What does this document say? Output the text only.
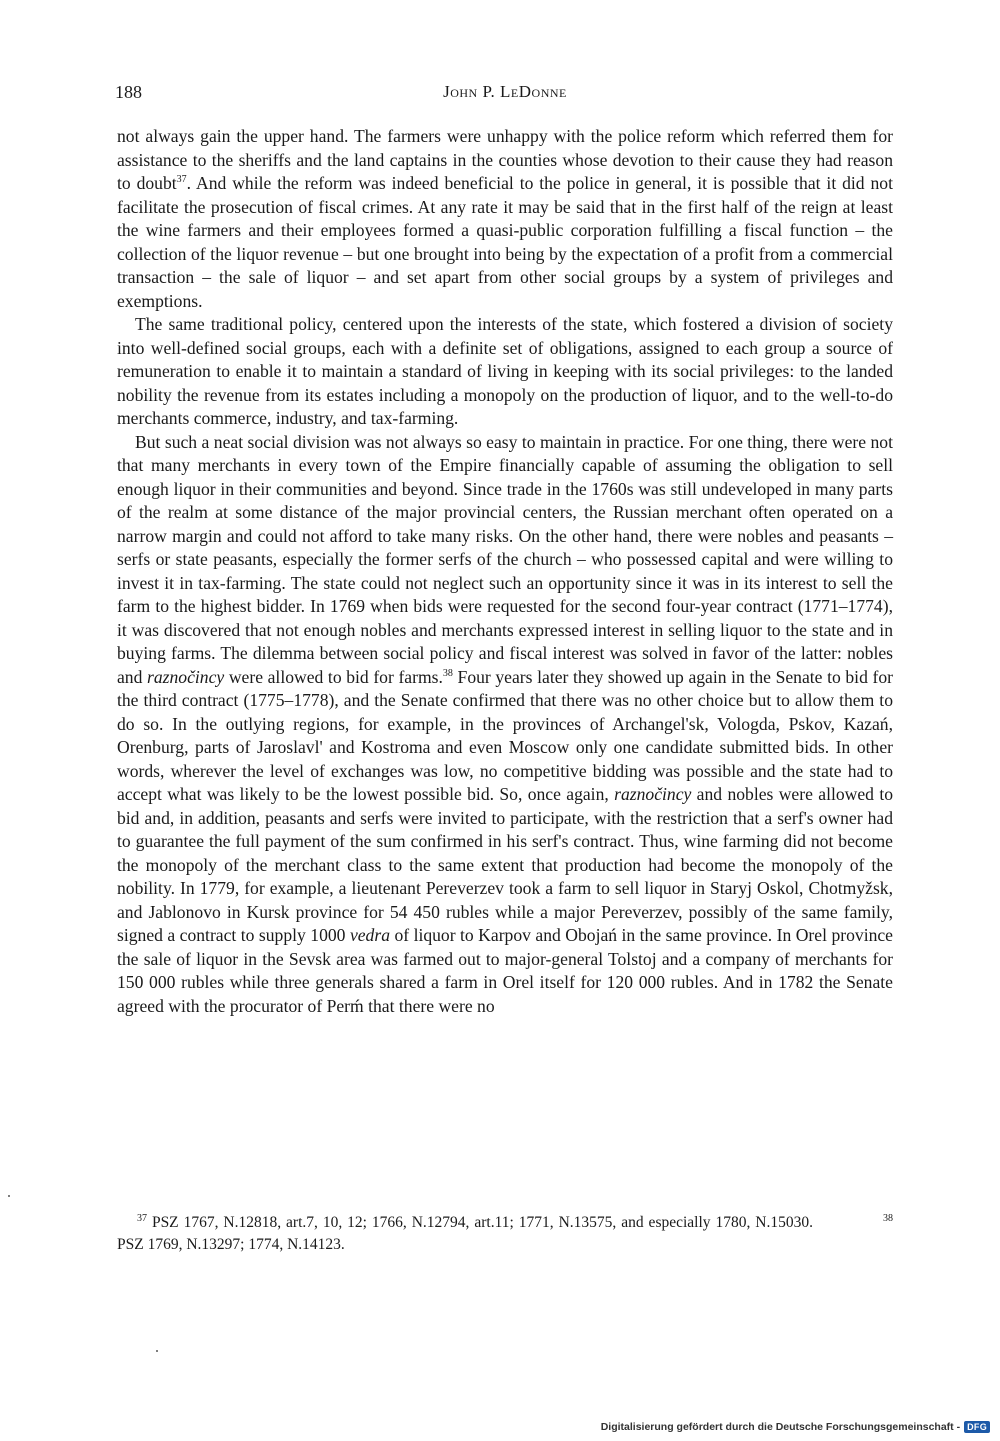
188	John P. LeDonne

not always gain the upper hand. The farmers were unhappy with the police reform which referred them for assistance to the sheriffs and the land captains in the counties whose devotion to their cause they had reason to doubt$^{37}$. And while the reform was indeed beneficial to the police in general, it is possible that it did not facilitate the prosecution of fiscal crimes. At any rate it may be said that in the first half of the reign at least the wine farmers and their employees formed a quasi-public corporation fulfilling a fiscal function – the collection of the liquor revenue – but one brought into being by the expectation of a profit from a commercial transaction – the sale of liquor – and set apart from other social groups by a system of privileges and exemptions.

The same traditional policy, centered upon the interests of the state, which fostered a division of society into well-defined social groups, each with a definite set of obligations, assigned to each group a source of remuneration to enable it to maintain a standard of living in keeping with its social privileges: to the landed nobility the revenue from its estates including a monopoly on the production of liquor, and to the well-to-do merchants commerce, industry, and tax-farming.

But such a neat social division was not always so easy to maintain in practice. For one thing, there were not that many merchants in every town of the Empire financially capable of assuming the obligation to sell enough liquor in their communities and beyond. Since trade in the 1760s was still undeveloped in many parts of the realm at some distance of the major provincial centers, the Russian merchant often operated on a narrow margin and could not afford to take many risks. On the other hand, there were nobles and peasants – serfs or state peasants, especially the former serfs of the church – who possessed capital and were willing to invest it in tax-farming. The state could not neglect such an opportunity since it was in its interest to sell the farm to the highest bidder. In 1769 when bids were requested for the second four-year contract (1771–1774), it was discovered that not enough nobles and merchants expressed interest in selling liquor to the state and in buying farms. The dilemma between social policy and fiscal interest was solved in favor of the latter: nobles and raznočincy were allowed to bid for farms.$^{38}$ Four years later they showed up again in the Senate to bid for the third contract (1775–1778), and the Senate confirmed that there was no other choice but to allow them to do so. In the outlying regions, for example, in the provinces of Archangel'sk, Vologda, Pskov, Kazań, Orenburg, parts of Jaroslavl' and Kostroma and even Moscow only one candidate submitted bids. In other words, wherever the level of exchanges was low, no competitive bidding was possible and the state had to accept what was likely to be the lowest possible bid. So, once again, raznočincy and nobles were allowed to bid and, in addition, peasants and serfs were invited to participate, with the restriction that a serf's owner had to guarantee the full payment of the sum confirmed in his serf's contract. Thus, wine farming did not become the monopoly of the merchant class to the same extent that production had become the monopoly of the nobility. In 1779, for example, a lieutenant Pereverzev took a farm to sell liquor in Staryj Oskol, Chotmyžsk, and Jablonovo in Kursk province for 54 450 rubles while a major Pereverzev, possibly of the same family, signed a contract to supply 1000 vedra of liquor to Karpov and Obojań in the same province. In Orel province the sale of liquor in the Sevsk area was farmed out to major-general Tolstoj and a company of merchants for 150 000 rubles while three generals shared a farm in Orel itself for 120 000 rubles. And in 1782 the Senate agreed with the procurator of Perḿ that there were no

$^{37}$ PSZ 1767, N.12818, art.7, 10, 12; 1766, N.12794, art.11; 1771, N.13575, and especially 1780, N.15030.	$^{38}$ PSZ 1769, N.13297; 1774, N.14123.

Digitalisierung gefördert durch die Deutsche Forschungsgemeinschaft - DFG
